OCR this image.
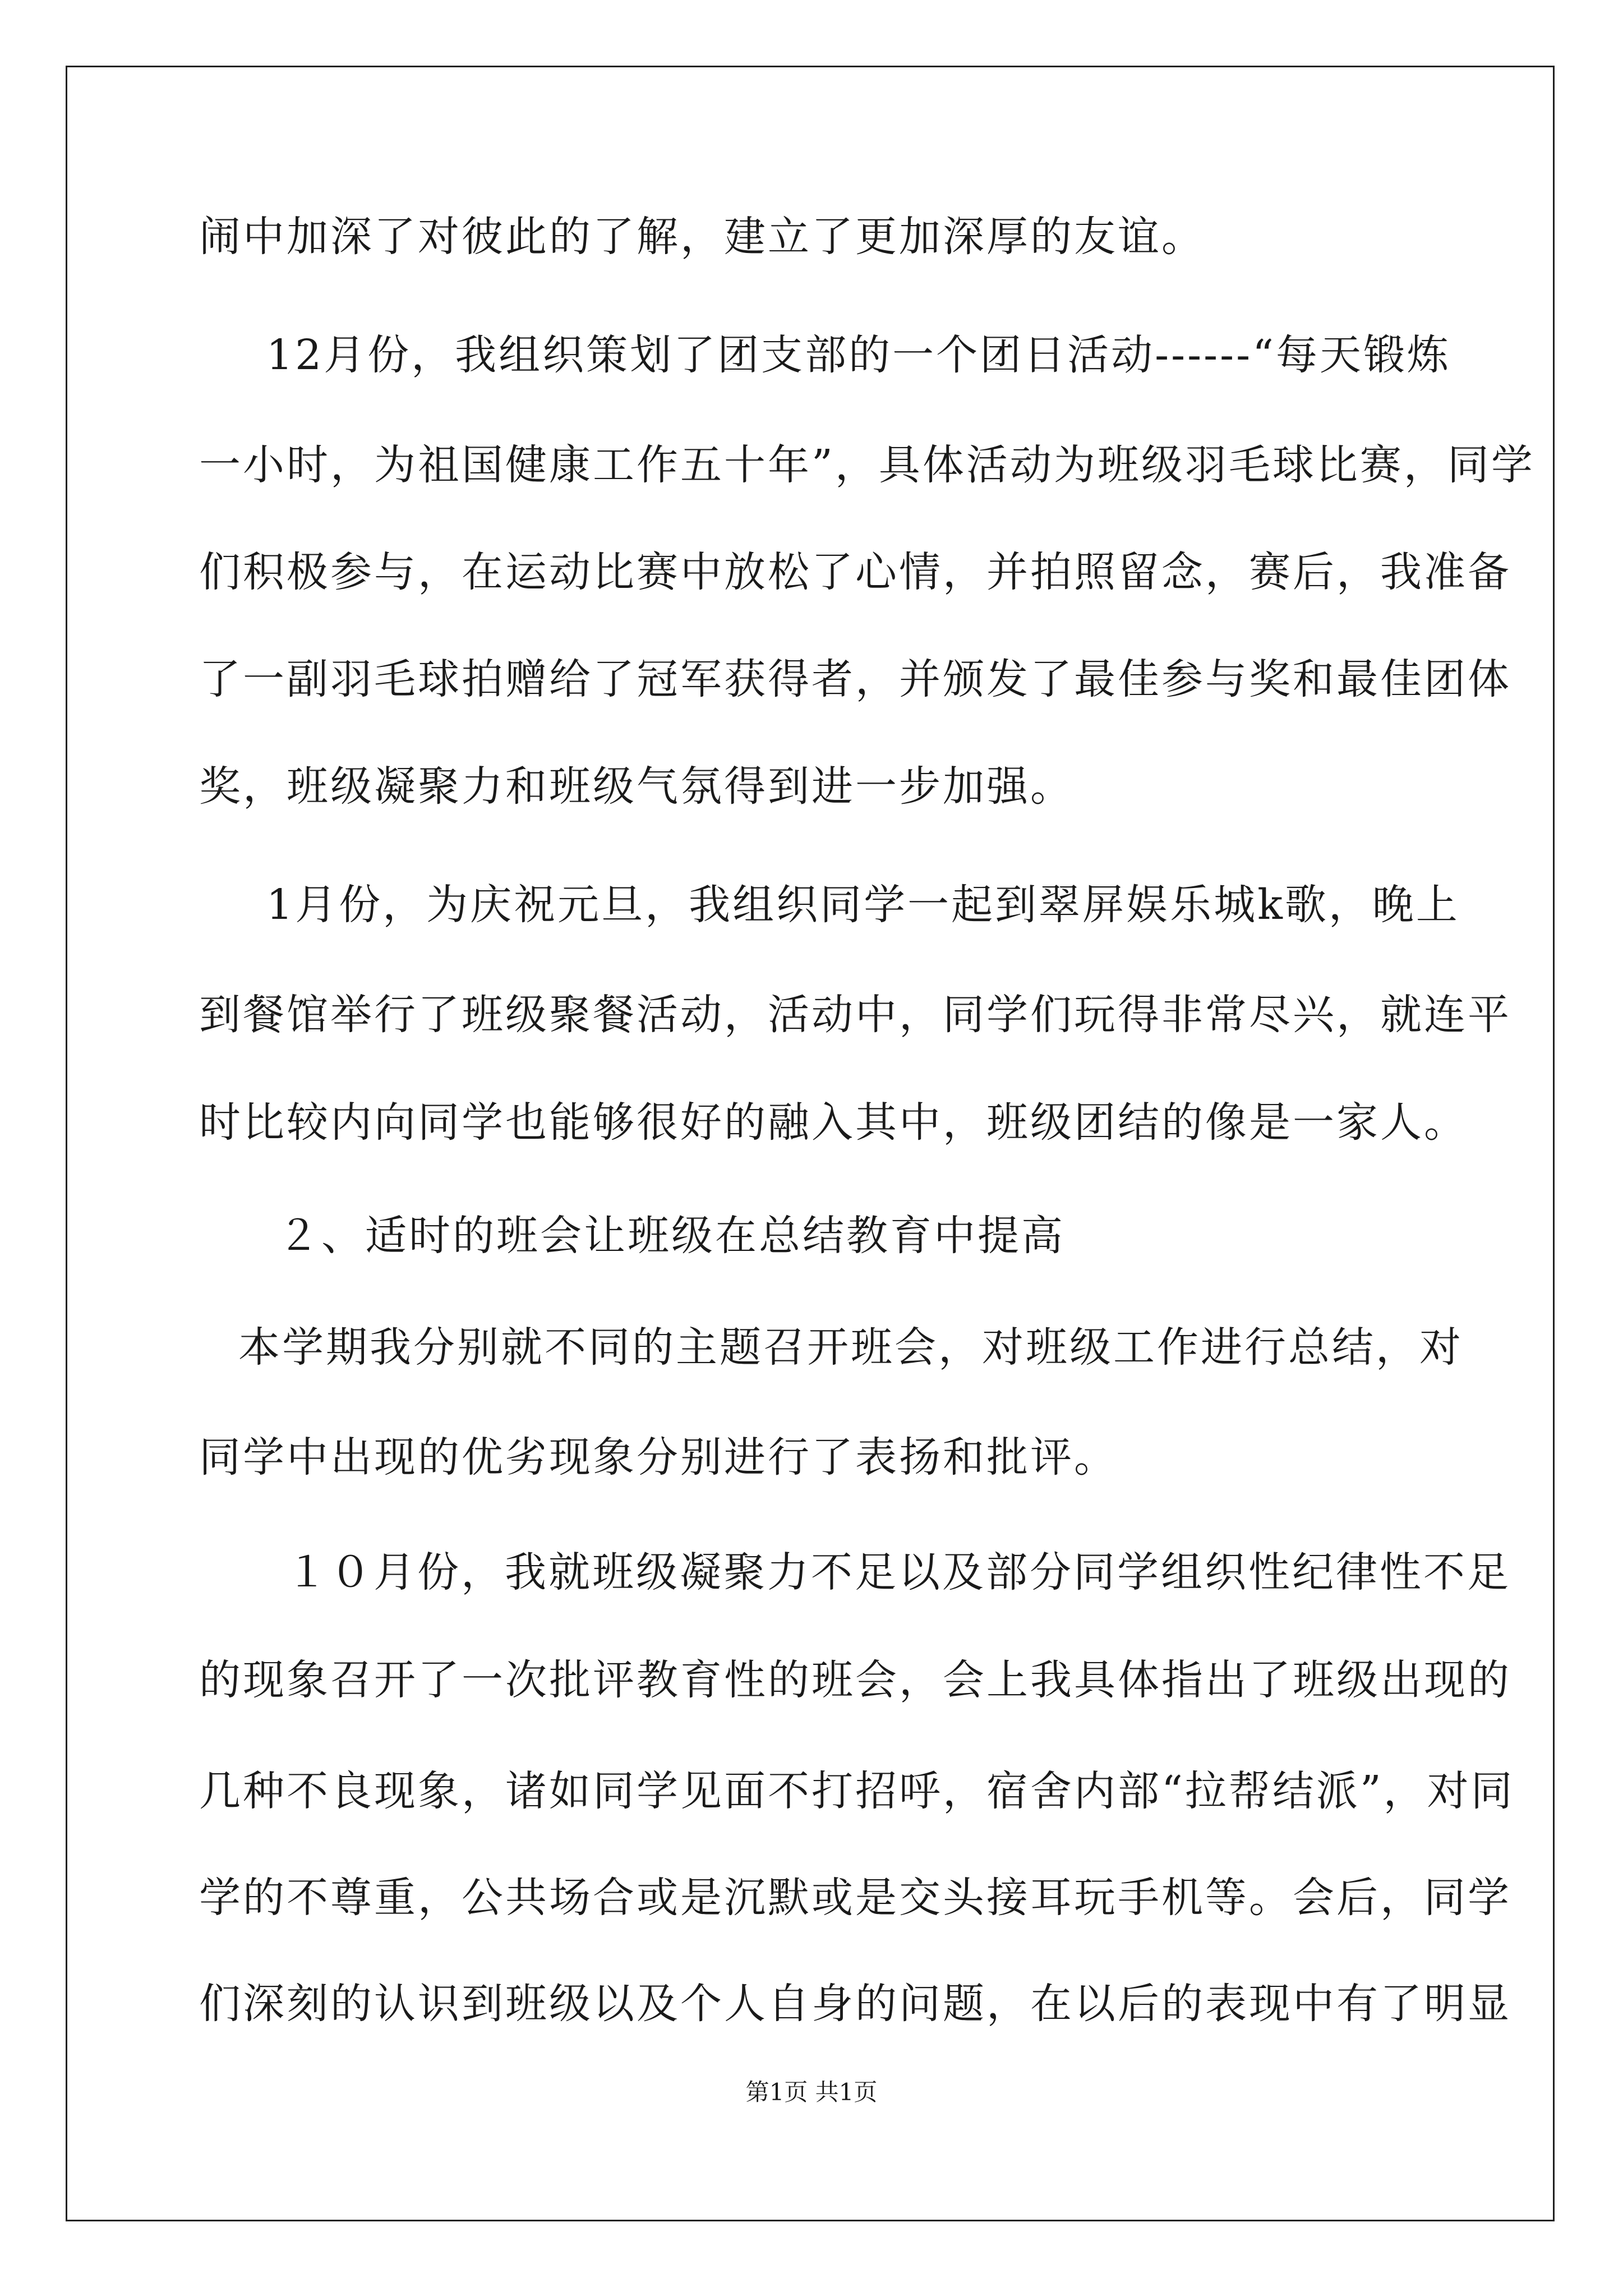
闹中加深了对彼此的了解，建立了更加深厚的友谊。
12月份，我组织策划了团支部的一个团日活动------“每天锻炼
一小时，为祖国健康工作五十年”，具体活动为班级羽毛球比赛，同学
们积极参与，在运动比赛中放松了心情，并拍照留念，赛后，我准备
了一副羽毛球拍赠给了冠军获得者，并颁发了最佳参与奖和最佳团体
奖，班级凝聚力和班级气氛得到进一步加强。
1月份，为庆祝元旦，我组织同学一起到翠屏娱乐城k歌，晚上
到餐馆举行了班级聚餐活动，活动中，同学们玩得非常尽兴，就连平
时比较内向同学也能够很好的融入其中，班级团结的像是一家人。
２、适时的班会让班级在总结教育中提高
本学期我分别就不同的主题召开班会，对班级工作进行总结，对
同学中出现的优劣现象分别进行了表扬和批评。
１０月份，我就班级凝聚力不足以及部分同学组织性纪律性不足
的现象召开了一次批评教育性的班会，会上我具体指出了班级出现的
几种不良现象，诸如同学见面不打招呼，宿舍内部“拉帮结派”，对同
学的不尊重，公共场合或是沉默或是交头接耳玩手机等。会后，同学
们深刻的认识到班级以及个人自身的问题，在以后的表现中有了明显
第1页 共1页
